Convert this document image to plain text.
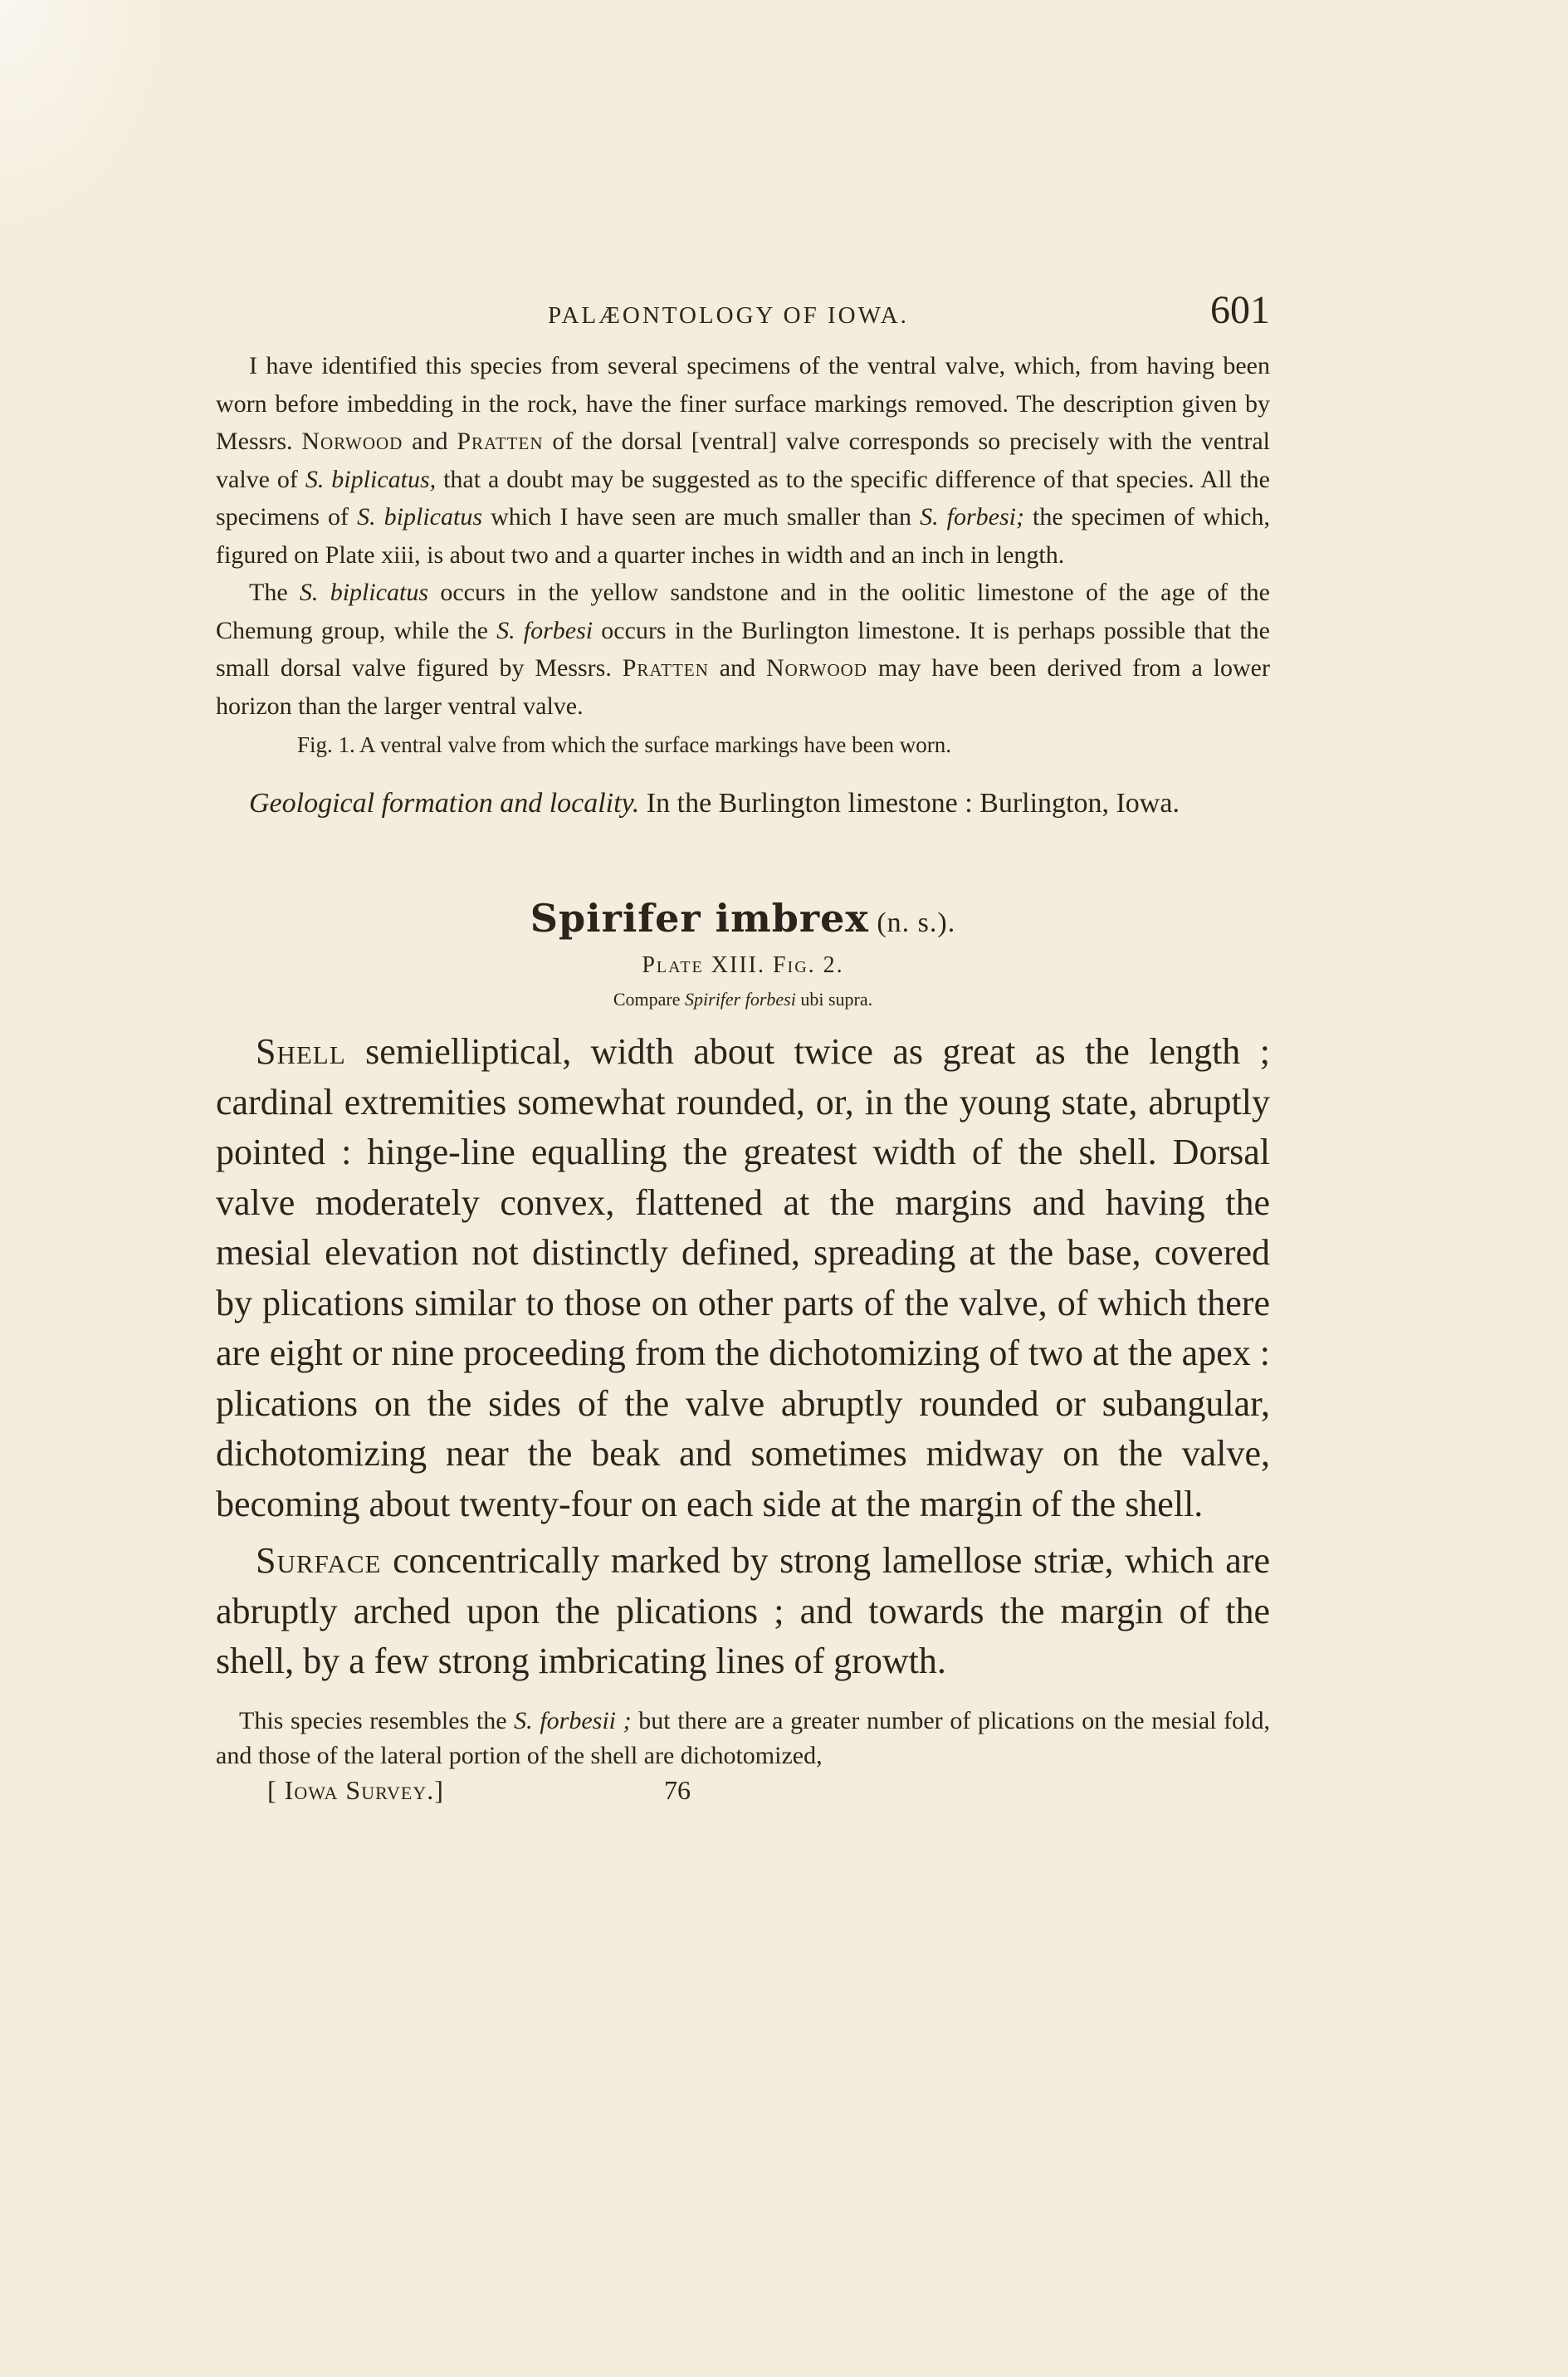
PALÆONTOLOGY OF IOWA.	601

I have identified this species from several specimens of the ventral valve, which, from having been worn before imbedding in the rock, have the finer surface markings removed. The description given by Messrs. Norwood and Pratten of the dorsal [ventral] valve corresponds so precisely with the ventral valve of S. biplicatus, that a doubt may be suggested as to the specific difference of that species. All the specimens of S. biplicatus which I have seen are much smaller than S. forbesi; the specimen of which, figured on Plate xiii, is about two and a quarter inches in width and an inch in length.

The S. biplicatus occurs in the yellow sandstone and in the oolitic limestone of the age of the Chemung group, while the S. forbesi occurs in the Burlington limestone. It is perhaps possible that the small dorsal valve figured by Messrs. Pratten and Norwood may have been derived from a lower horizon than the larger ventral valve.

Fig. 1. A ventral valve from which the surface markings have been worn.
Geological formation and locality. In the Burlington limestone : Burlington, Iowa.
Spirifer imbrex (n. s.).
Plate XIII. Fig. 2.
Compare Spirifer forbesi ubi supra.

Shell semielliptical, width about twice as great as the length ; cardinal extremities somewhat rounded, or, in the young state, abruptly pointed : hinge-line equalling the greatest width of the shell. Dorsal valve moderately convex, flattened at the margins and having the mesial elevation not distinctly defined, spreading at the base, covered by plications similar to those on other parts of the valve, of which there are eight or nine proceeding from the dichotomizing of two at the apex : plications on the sides of the valve abruptly rounded or subangular, dichotomizing near the beak and sometimes midway on the valve, becoming about twenty-four on each side at the margin of the shell.

Surface concentrically marked by strong lamellose striæ, which are abruptly arched upon the plications ; and towards the margin of the shell, by a few strong imbricating lines of growth.

This species resembles the S. forbesii ; but there are a greater number of plications on the mesial fold, and those of the lateral portion of the shell are dichotomized,

[ Iowa Survey.]	76
